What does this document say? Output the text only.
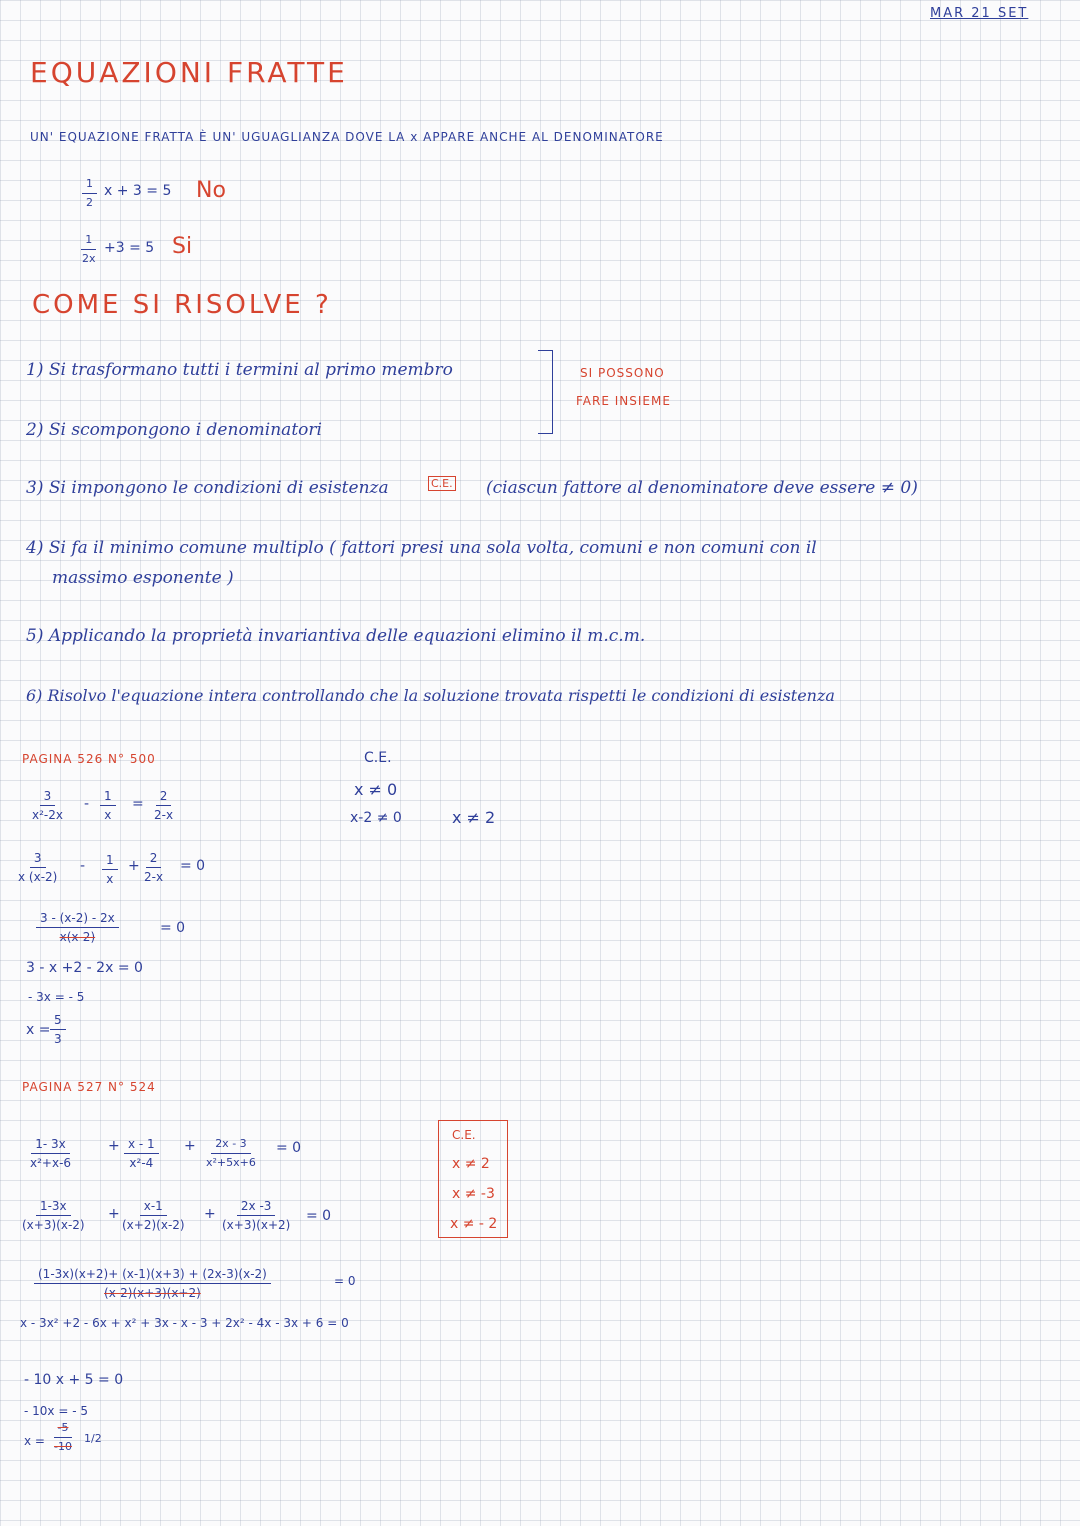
MAR 21 SET
EQUAZIONI FRATTE
UN' EQUAZIONE FRATTA È UN' UGUAGLIANZA DOVE LA x APPARE ANCHE AL DENOMINATORE
$\frac{1}{2}$ x + 3 = 5 No
$\frac{1}{2x} +3 = 5$ Si
COME SI RISOLVE ?
1) Si trasformano tutti i termini al primo membro	SI POSSONO
FARE INSIEME
2) Si scompongono i denominatori
3) Si impongono le condizioni di esistenza	C.E. (ciascun fattore al denominatore deve essere ≠ 0)
4) Si fa il minimo comune multiplo ( fattori presi una sola volta, comuni e non comuni con il
massimo esponente )
5) Applicando la proprietà invariantiva delle equazioni elimino il m.c.m.
6) Risolvo l'equazione intera controllando che la soluzione trovata rispetti le condizioni di esistenza
PAGINA 526 N° 500
$\frac{3}{\text{x²-2x}} - \frac{1}{x} = \frac{2}{2-x}$
C.E.
x ≠ 0
x-2 ≠ 0	x ≠ 2
$\frac{3}{x (x-2)} - \frac{1}{x} + \frac{2}{2-x} = 0$
$\frac{3 - (x-2) - 2x}{x(x-2)}$	= 0
3 - x +2 - 2x = 0
- 3x = - 5
$x = \frac{5}{3}$
PAGINA 527 N° 524
$\frac{1- 3x}{\text{x²+x-6}} + \frac{x - 1}{\text{x²-4}} + \frac{2x - 3}{\text{x²+5x+6}} = 0$
C.E.
x ≠ 2
x ≠ -3
x ≠ - 2
$\frac{1-3x}{(x+3)(x-2)}$ +
$\frac{x-1}{(x+2)(x-2)} + \frac{2x -3}{(x+3)(x+2)} = 0$
$\frac{(1-3x)(x+2)+ (x-1)(x+3) + (2x-3)(x-2)}{(x-2)(x+3)(x+2)}$	= 0
x - 3x² +2 - 6x + x² + 3x - x - 3 + 2x² - 4x - 3x + 6 = 0
- 10 x + 5 = 0
- 10x = - 5
$x = \frac{-5}{-10} 1/2$
